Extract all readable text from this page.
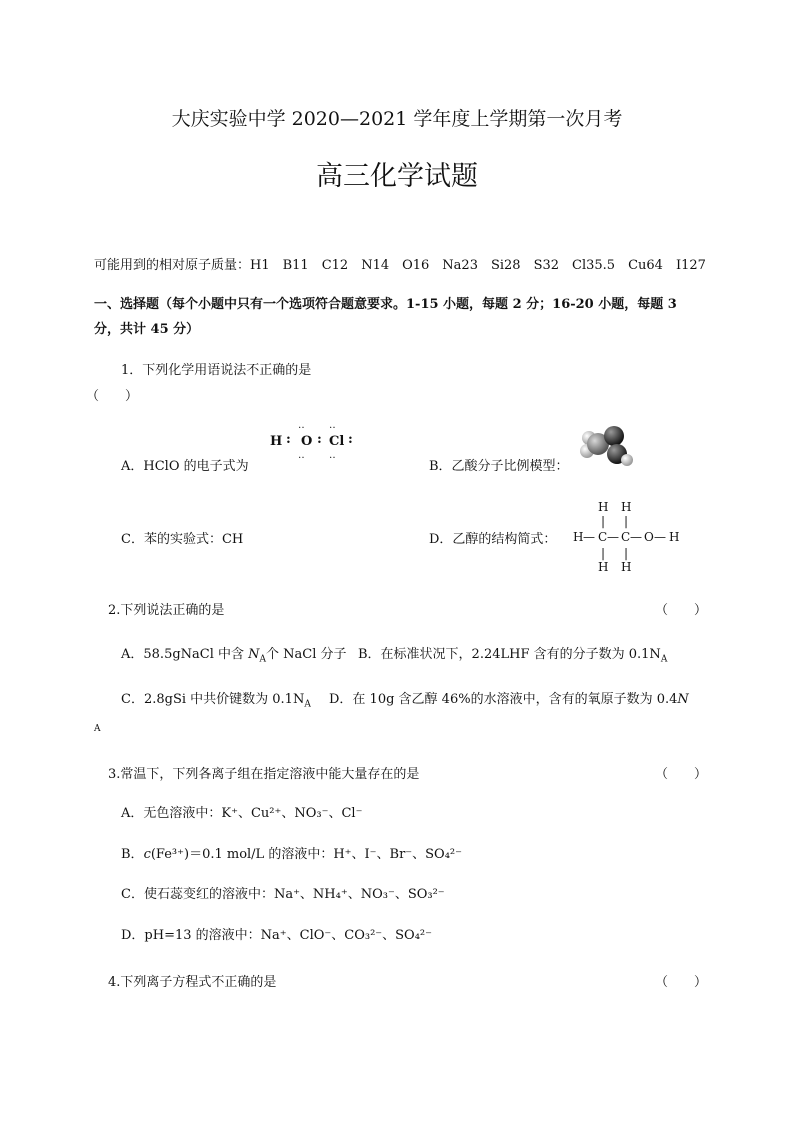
大庆实验中学 2020—2021 学年度上学期第一次月考
高三化学试题
可能用到的相对原子质量：H1　B11　C12　N14　O16　Na23　Si28　S32　Cl35.5　Cu64　I127
一、选择题（每个小题中只有一个选项符合题意要求。1-15 小题，每题 2 分；16-20 小题，每题 3
分，共计 45 分）
1．下列化学用语说法不正确的是
（　　）
A．HClO 的电子式为
‥ ‥
H : O : Cl :
‥ ‥
B．乙酸分子比例模型：
C．苯的实验式：CH	D．乙醇的结构简式：
H H
| |
H — C — C — O — H
| |
H H
2.下列说法正确的是	（　　）
A．58.5gNaCl 中含 $N_A$个 NaCl 分子 B．在标准状况下，2.24LHF 含有的分子数为 $0.1N_A$
C．2.8gSi 中共价键数为 $0.1N_A$ D．在 10g 含乙醇 46%的水溶液中，含有的氧原子数为 0.4N
A
3.常温下，下列各离子组在指定溶液中能大量存在的是	（　　）
A．无色溶液中：K⁺、Cu²⁺、NO₃⁻、Cl⁻
B．c(Fe³⁺)＝0.1 mol/L 的溶液中：H⁺、I⁻、Br⁻、SO₄²⁻
C．使石蕊变红的溶液中：Na⁺、NH₄⁺、NO₃⁻、SO₃²⁻
D．pH=13 的溶液中：Na⁺、ClO⁻、CO₃²⁻、SO₄²⁻
4.下列离子方程式不正确的是	（　　）
